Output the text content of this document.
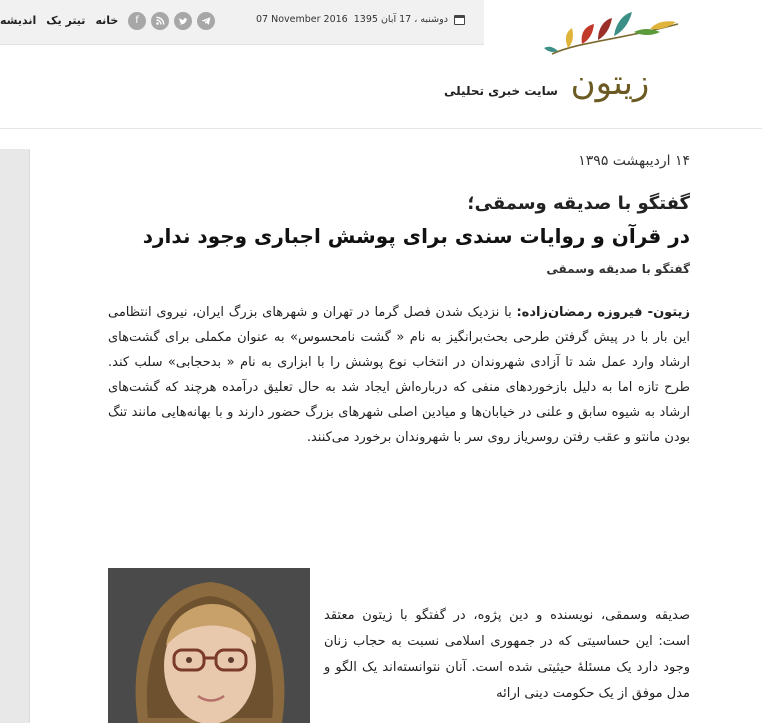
خانه
تیتر یک
اندیشه	f	07 November 2016 دوشنبه ، 17 آبان 1395
زیتون
سایت خبری تحلیلی
۱۴ اردیبهشت ۱۳۹۵
گفتگو با صدیقه وسمقی؛
در قرآن و روایات سندی برای پوشش اجباری وجود ندارد
گفتگو با صدیقه وسمقی
زیتون- فیروزه رمضان‌زاده: با نزدیک شدن فصل گرما در تهران و شهرهای بزرگ ایران، نیروی انتظامی این بار با در پیش گرفتن طرحی بحث‌برانگیز به نام « گشت نامحسوس» به عنوان مکملی برای گشت‌های ارشاد وارد عمل شد تا آزادی شهروندان در انتخاب نوع پوشش را با ابزاری به نام « بدحجابی» سلب کند. طرح تازه اما به دلیل بازخوردهای منفی که درباره‌اش ایجاد شد به حال تعلیق درآمده هرچند که گشت‌های ارشاد به شیوه سابق و علنی در خیابان‌ها و میادین اصلی شهرهای بزرگ حضور دارند و با بهانه‌هایی مانند تنگ بودن مانتو و عقب رفتن روسریاز روی سر با شهروندان برخورد می‌کنند.
صدیقه وسمقی، نویسنده و دین پژوه، در گفتگو با زیتون معتقد است: این حساسیتی که در جمهوری اسلامی نسبت به حجاب زنان وجود دارد یک مسئلهٔ حیثیتی شده است. آنان نتوانسته‌اند یک الگو و مدل موفق از یک حکومت دینی ارائه
